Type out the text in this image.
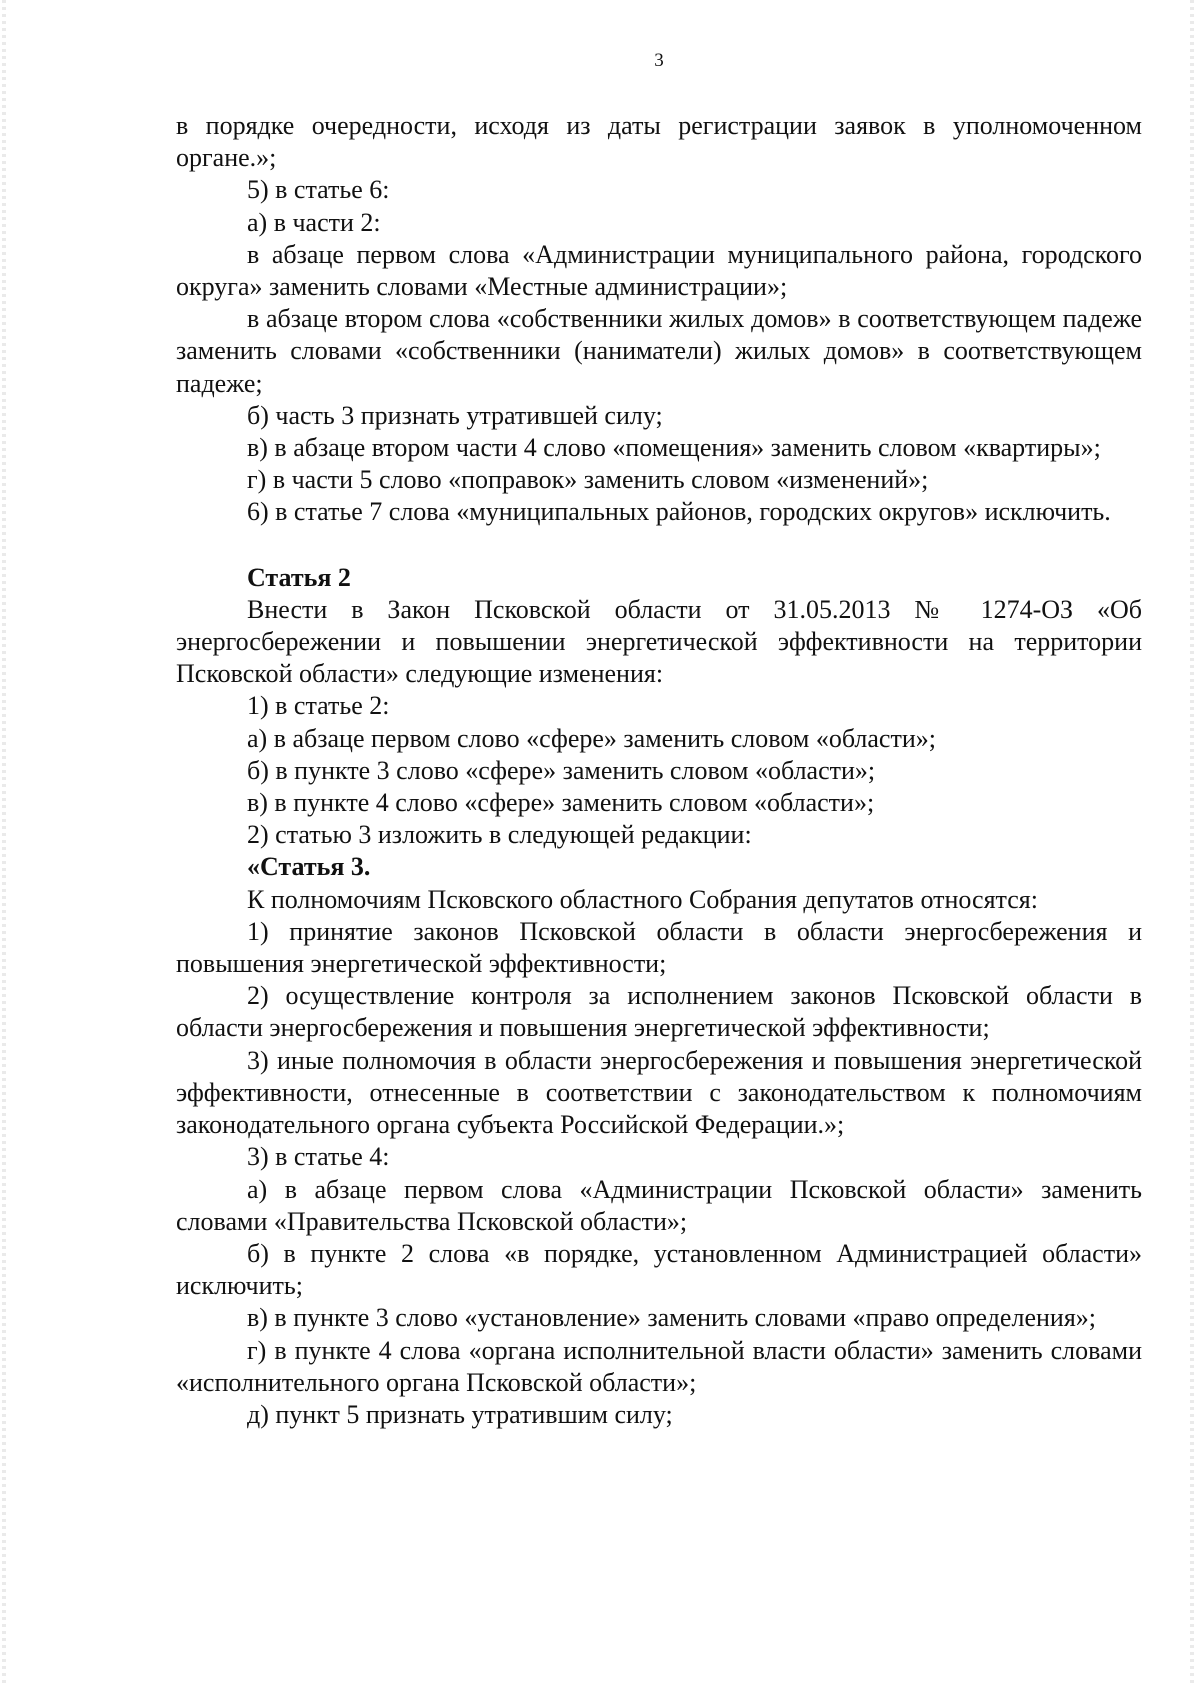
3

в порядке очередности, исходя из даты регистрации заявок в уполномоченном органе.»;

5) в статье 6:

а) в части 2:

в абзаце первом слова «Администрации муниципального района, городского округа» заменить словами «Местные администрации»;

в абзаце втором слова «собственники жилых домов» в соответствующем падеже заменить словами «собственники (наниматели) жилых домов» в соответствующем падеже;

б) часть 3 признать утратившей силу;

в) в абзаце втором части 4 слово «помещения» заменить словом «квартиры»;

г) в части 5 слово «поправок» заменить словом «изменений»;

6) в статье 7 слова «муниципальных районов, городских округов» исключить.

Статья 2

Внести в Закон Псковской области от 31.05.2013 № 1274-ОЗ «Об энергосбережении и повышении энергетической эффективности на территории Псковской области» следующие изменения:

1) в статье 2:

а) в абзаце первом слово «сфере» заменить словом «области»;

б) в пункте 3 слово «сфере» заменить словом «области»;

в) в пункте 4 слово «сфере» заменить словом «области»;

2) статью 3 изложить в следующей редакции:

«Статья 3.

К полномочиям Псковского областного Собрания депутатов относятся:

1) принятие законов Псковской области в области энергосбережения и повышения энергетической эффективности;

2) осуществление контроля за исполнением законов Псковской области в области энергосбережения и повышения энергетической эффективности;

3) иные полномочия в области энергосбережения и повышения энергетической эффективности, отнесенные в соответствии с законодательством к полномочиям законодательного органа субъекта Российской Федерации.»;

3) в статье 4:

а) в абзаце первом слова «Администрации Псковской области» заменить словами «Правительства Псковской области»;

б) в пункте 2 слова «в порядке, установленном Администрацией области» исключить;

в) в пункте 3 слово «установление» заменить словами «право определения»;

г) в пункте 4 слова «органа исполнительной власти области» заменить словами «исполнительного органа Псковской области»;

д) пункт 5 признать утратившим силу;
